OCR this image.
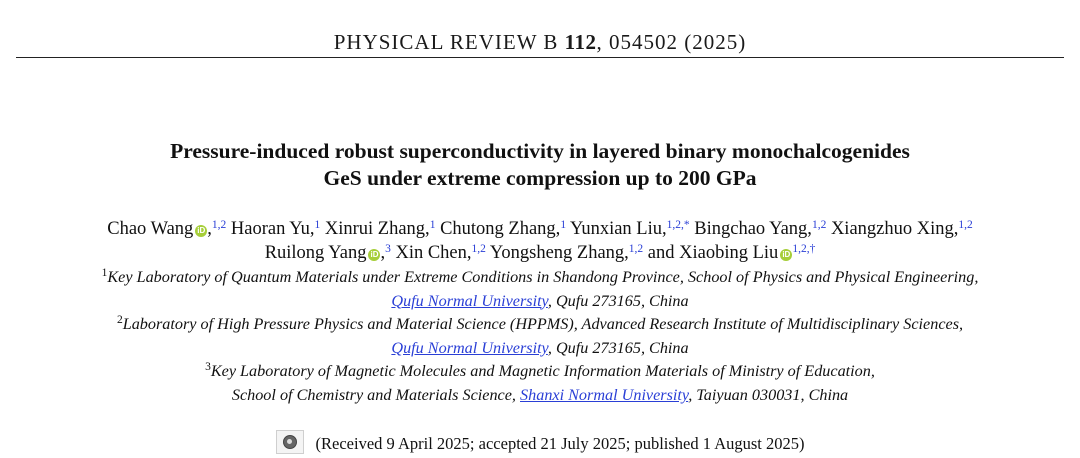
PHYSICAL REVIEW B 112, 054502 (2025)
Pressure-induced robust superconductivity in layered binary monochalcogenides
GeS under extreme compression up to 200 GPa
Chao Wang iD ,$^{1,2}$ Haoran Yu,$^1$ Xinrui Zhang,$^1$ Chutong Zhang,$^1$ Yunxian Liu,$^{1,2,*}$ Bingchao Yang,$^{1,2}$ Xiangzhuo Xing,$^{1,2}$
Ruilong Yang iD ,$^3$ Xin Chen,$^{1,2}$ Yongsheng Zhang,$^{1,2}$ and Xiaobing Liu iD $^{1,2,\dagger}$
$^1$Key Laboratory of Quantum Materials under Extreme Conditions in Shandong Province, School of Physics and Physical Engineering,
Qufu Normal University, Qufu 273165, China
$^2$Laboratory of High Pressure Physics and Material Science (HPPMS), Advanced Research Institute of Multidisciplinary Sciences,
Qufu Normal University, Qufu 273165, China
$^3$Key Laboratory of Magnetic Molecules and Magnetic Information Materials of Ministry of Education,
School of Chemistry and Materials Science, Shanxi Normal University, Taiyuan 030031, China
(Received 9 April 2025; accepted 21 July 2025; published 1 August 2025)
